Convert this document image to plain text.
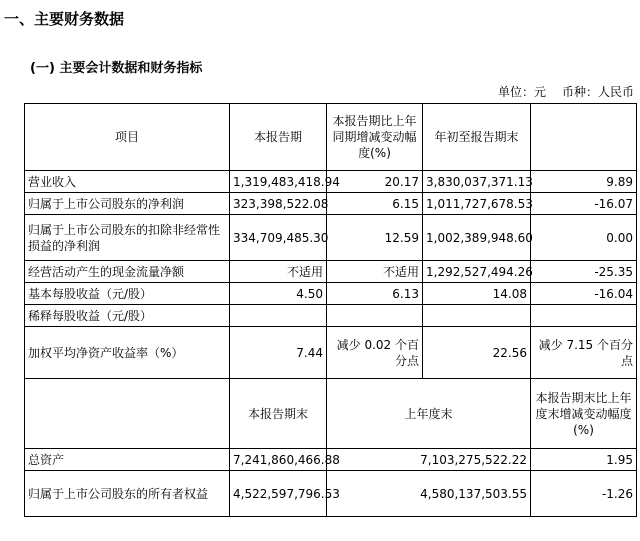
一、主要财务数据
(一) 主要会计数据和财务指标
单位：元 币种：人民币
项目	本报告期	本报告期比上年同期增减变动幅度(%)	年初至报告期末	
营业收入	1,319,483,418.94	20.17	3,830,037,371.13	9.89
归属于上市公司股东的净利润	323,398,522.08	6.15	1,011,727,678.53	-16.07
归属于上市公司股东的扣除非经常性损益的净利润	334,709,485.30	12.59	1,002,389,948.60	0.00
经营活动产生的现金流量净额	不适用	不适用	1,292,527,494.26	-25.35
基本每股收益（元/股）	4.50	6.13	14.08	-16.04
稀释每股收益（元/股）				
加权平均净资产收益率（%）	7.44	减少 0.02 个百分点	22.56	减少 7.15 个百分点
	本报告期末	上年度末		本报告期末比上年度末增减变动幅度(%)
总资产	7,241,860,466.88	7,103,275,522.22		1.95
归属于上市公司股东的所有者权益	4,522,597,796.53	4,580,137,503.55		-1.26
